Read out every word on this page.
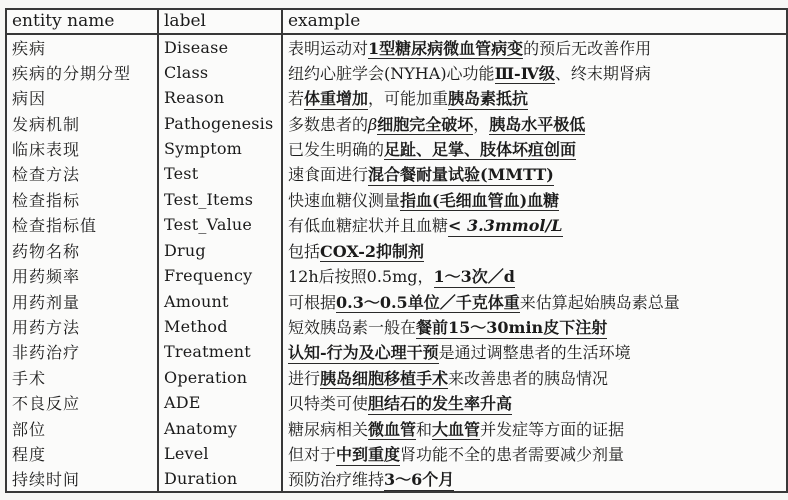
entity name	label	example
疾病	Disease	表明运动对1型糖尿病微血管病变的预后无改善作用
疾病的分期分型	Class	纽约心脏学会(NYHA)心功能Ⅲ-Ⅳ级、终末期肾病
病因	Reason	若体重增加，可能加重胰岛素抵抗
发病机制	Pathogenesis	多数患者的β细胞完全破坏，胰岛水平极低
临床表现	Symptom	已发生明确的足趾、足掌、肢体坏疽创面
检查方法	Test	速食面进行混合餐耐量试验(MMTT)
检查指标	Test_Items	快速血糖仪测量指血(毛细血管血)血糖
检查指标值	Test_Value	有低血糖症状并且血糖< 3.3mmol/L
药物名称	Drug	包括COX-2抑制剂
用药频率	Frequency	12h后按照0.5mg，1～3次／d
用药剂量	Amount	可根据0.3～0.5单位／千克体重来估算起始胰岛素总量
用药方法	Method	短效胰岛素一般在餐前15～30min皮下注射
非药治疗	Treatment	认知-行为及心理干预是通过调整患者的生活环境
手术	Operation	进行胰岛细胞移植手术来改善患者的胰岛情况
不良反应	ADE	贝特类可使胆结石的发生率升高
部位	Anatomy	糖尿病相关微血管和大血管并发症等方面的证据
程度	Level	但对于中到重度肾功能不全的患者需要减少剂量
持续时间	Duration	预防治疗维持3～6个月
